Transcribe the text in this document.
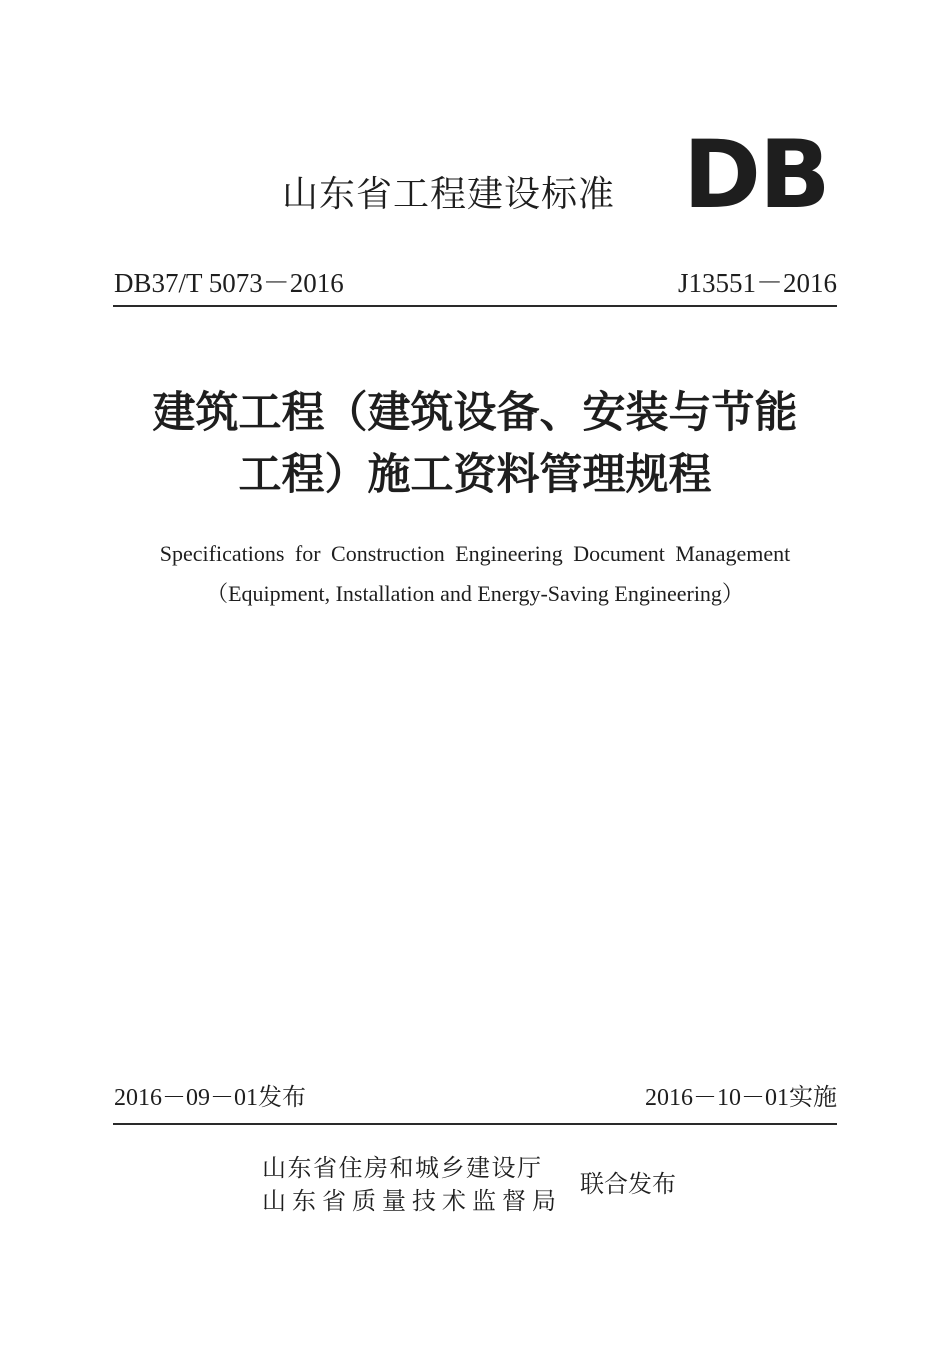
山东省工程建设标准 DB
DB37/T 5073－2016	J13551－2016
建筑工程（建筑设备、安装与节能
工程）施工资料管理规程
Specifications for Construction Engineering Document Management
（Equipment, Installation and Energy-Saving Engineering）
2016－09－01发布	2016－10－01实施
山东省住房和城乡建设厅
山东省质量技术监督局
联合发布
